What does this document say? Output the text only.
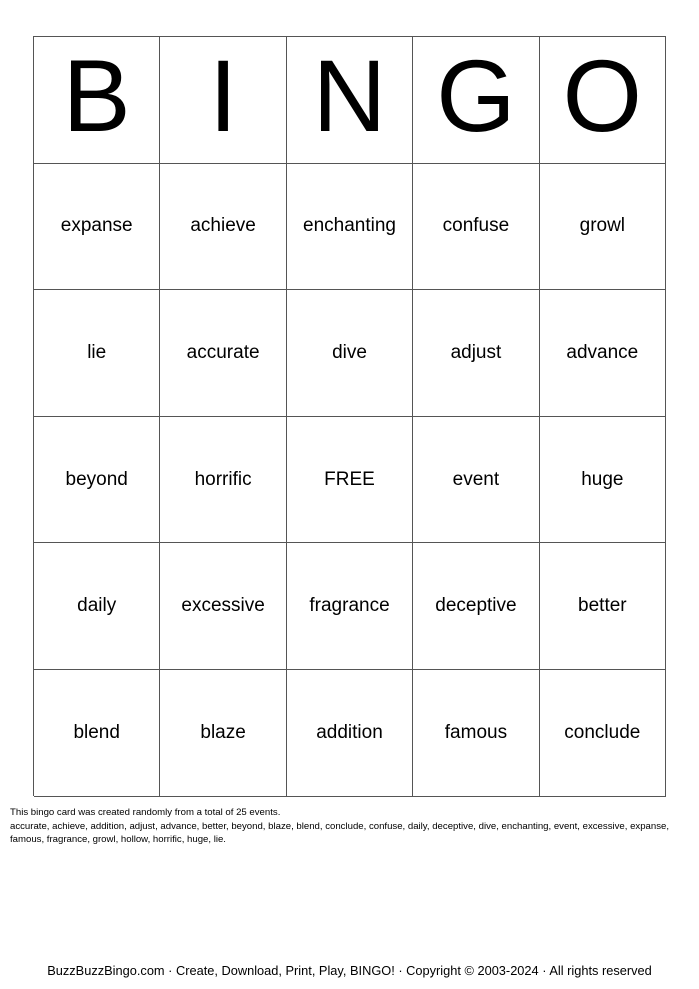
B I N G O
expanse	achieve	enchanting	confuse	growl
lie	accurate	dive	adjust	advance
beyond	horrific	FREE	event	huge
daily	excessive	fragrance	deceptive	better
blend	blaze	addition	famous	conclude

This bingo card was created randomly from a total of 25 events.

accurate, achieve, addition, adjust, advance, better, beyond, blaze, blend, conclude, confuse, daily, deceptive, dive, enchanting, event, excessive, expanse, famous, fragrance, growl, hollow, horrific, huge, lie.

BuzzBuzzBingo.com · Create, Download, Print, Play, BINGO! · Copyright © 2003-2024 · All rights reserved
